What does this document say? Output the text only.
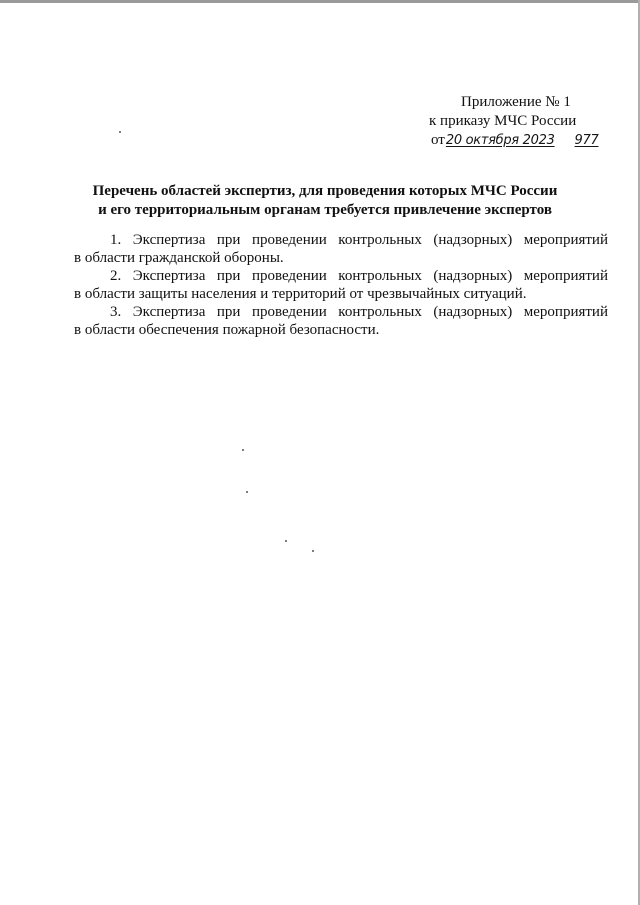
Приложение № 1
к приказу МЧС России
от20 октября 2023 977
Перечень областей экспертиз, для проведения которых МЧС России
и его территориальным органам требуется привлечение экспертов

1. Экспертиза при проведении контрольных (надзорных) мероприятий
в области гражданской обороны.

2. Экспертиза при проведении контрольных (надзорных) мероприятий
в области защиты населения и территорий от чрезвычайных ситуаций.

3. Экспертиза при проведении контрольных (надзорных) мероприятий
в области обеспечения пожарной безопасности.
